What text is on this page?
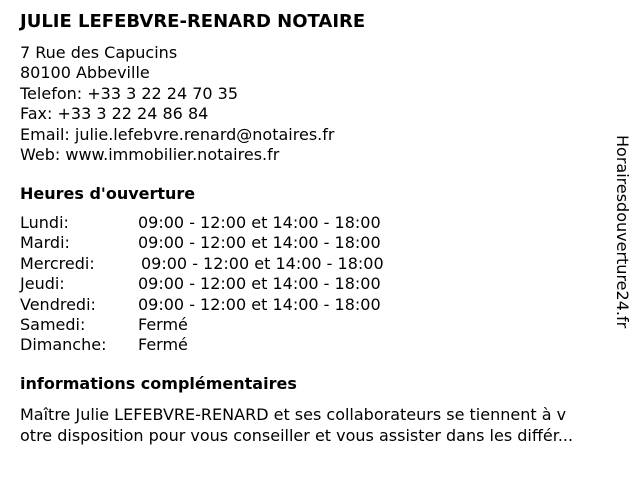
JULIE LEFEBVRE-RENARD NOTAIRE
7 Rue des Capucins
80100 Abbeville
Telefon: +33 3 22 24 70 35
Fax: +33 3 22 24 86 84
Email: julie.lefebvre.renard@notaires.fr
Web: www.immobilier.notaires.fr
Heures d'ouverture
Lundi:	09:00 - 12:00 et 14:00 - 18:00
Mardi:	09:00 - 12:00 et 14:00 - 18:00
Mercredi:	09:00 - 12:00 et 14:00 - 18:00
Jeudi:	09:00 - 12:00 et 14:00 - 18:00
Vendredi:	09:00 - 12:00 et 14:00 - 18:00
Samedi:	Fermé
Dimanche: Fermé
informations complémentaires
Maître Julie LEFEBVRE-RENARD et ses collaborateurs se tiennent à v
otre disposition pour vous conseiller et vous assister dans les différ...
Horairesdouverture24.fr
